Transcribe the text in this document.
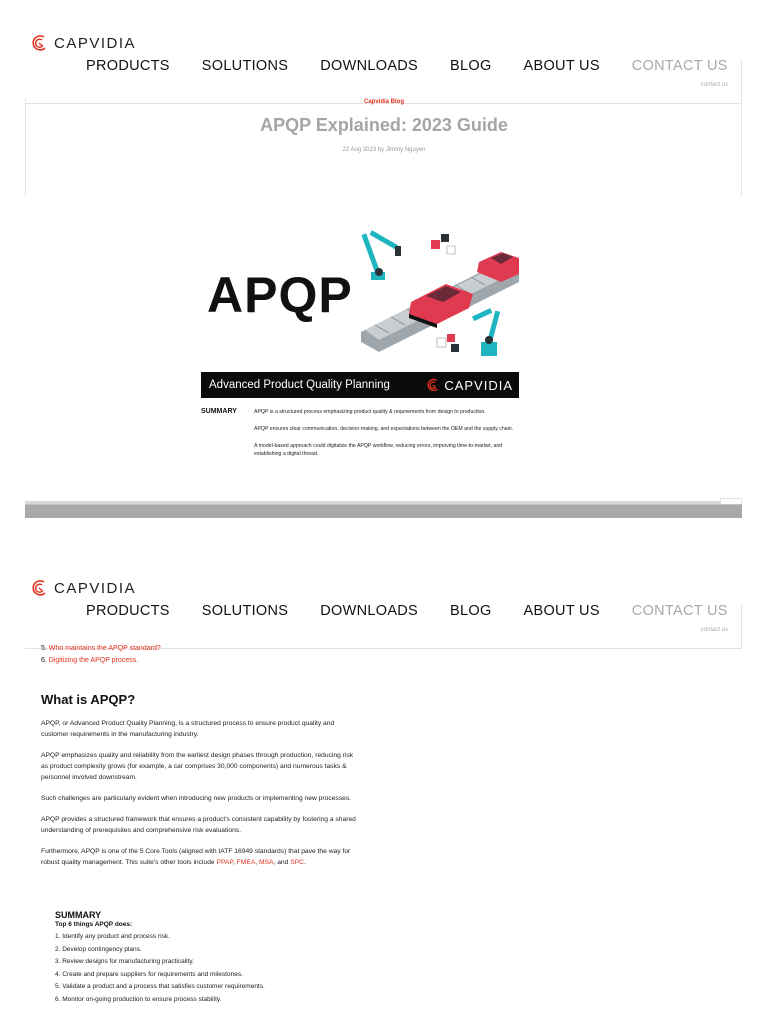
CAPVIDIA
PRODUCTS SOLUTIONS DOWNLOADS BLOG ABOUT US CONTACT US
contact us
Capvidia Blog
APQP Explained: 2023 Guide
22 Aug 2023 by Jimmy Nguyen
APQP
Advanced Product Quality Planning	CAPVIDIA
SUMMARY	APQP is a structured process emphasizing product quality & requirements from design to production.

APQP ensures clear communication, decision-making, and expectations between the OEM and the supply chain.

A model-based approach could digitalize the APQP workflow, reducing errors, improving time-to-market, and establishing a digital thread.

CAPVIDIA
PRODUCTS SOLUTIONS DOWNLOADS BLOG ABOUT US CONTACT US
contact us
5. Who maintains the APQP standard?
6. Digitizing the APQP process.
What is APQP?

APQP, or Advanced Product Quality Planning, is a structured process to ensure product quality and customer requirements in the manufacturing industry.

APQP emphasizes quality and reliability from the earliest design phases through production, reducing risk as product complexity grows (for example, a car comprises 30,000 components) and numerous tasks & personnel involved downstream.

Such challenges are particularly evident when introducing new products or implementing new processes.

APQP provides a structured framework that ensures a product's consistent capability by fostering a shared understanding of prerequisites and comprehensive risk evaluations.

Furthermore, APQP is one of the 5 Core Tools (aligned with IATF 16949 standards) that pave the way for robust quality management. This suite's other tools include PPAP, FMEA, MSA, and SPC.

SUMMARY
Top 6 things APQP does:
1. Identify any product and process risk.
2. Develop contingency plans.
3. Review designs for manufacturing practicality.
4. Create and prepare suppliers for requirements and milestones.
5. Validate a product and a process that satisfies customer requirements.
6. Monitor on-going production to ensure process stability.
